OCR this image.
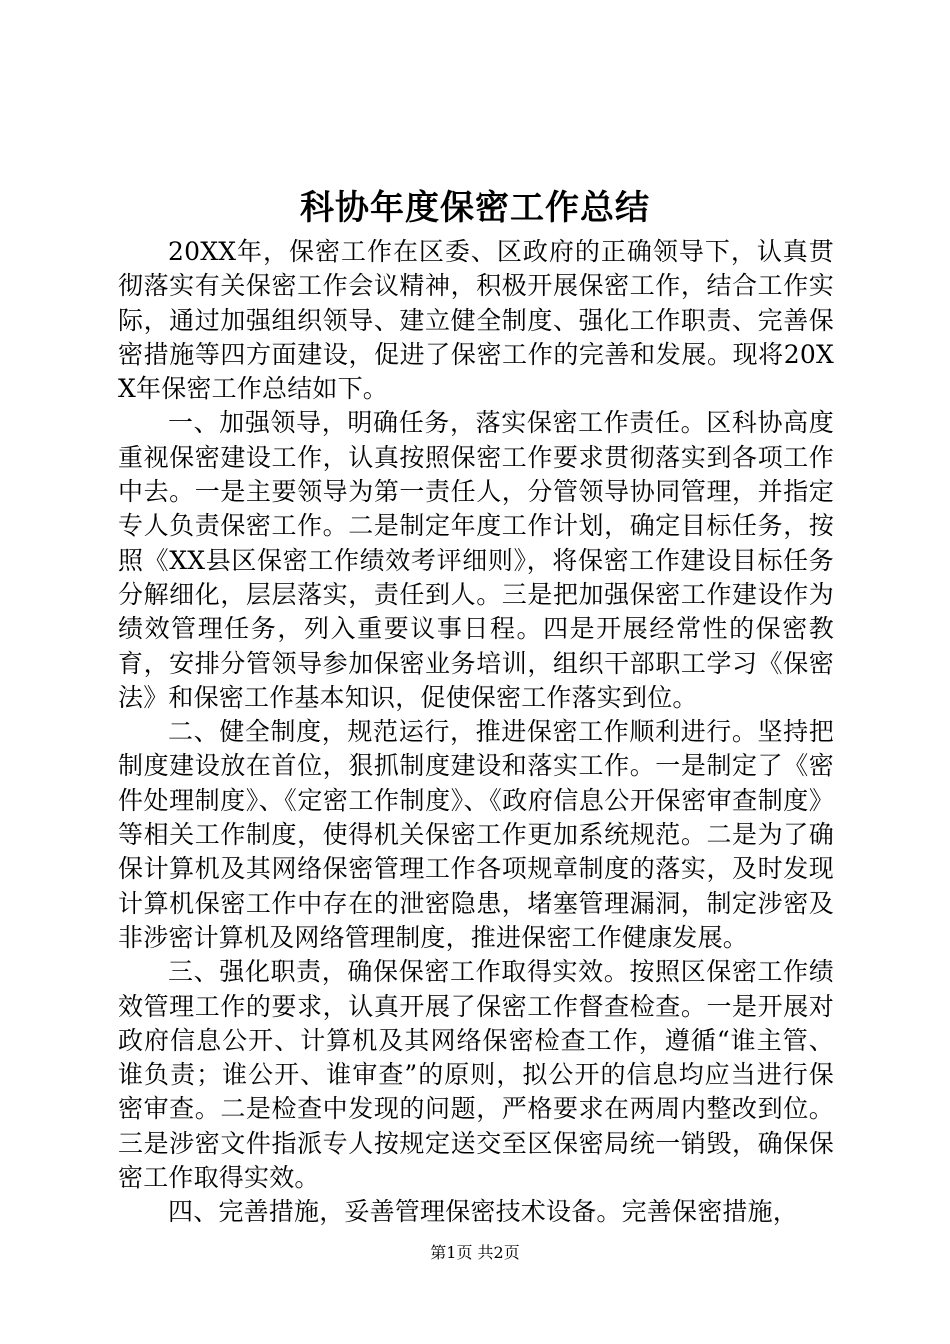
科协年度保密工作总结

20XX年，保密工作在区委、区政府的正确领导下，认真贯彻落实有关保密工作会议精神，积极开展保密工作，结合工作实际，通过加强组织领导、建立健全制度、强化工作职责、完善保密措施等四方面建设，促进了保密工作的完善和发展。现将20XX年保密工作总结如下。

一、加强领导，明确任务，落实保密工作责任。区科协高度重视保密建设工作，认真按照保密工作要求贯彻落实到各项工作中去。一是主要领导为第一责任人，分管领导协同管理，并指定专人负责保密工作。二是制定年度工作计划，确定目标任务，按照《XX县区保密工作绩效考评细则》，将保密工作建设目标任务分解细化，层层落实，责任到人。三是把加强保密工作建设作为绩效管理任务，列入重要议事日程。四是开展经常性的保密教育，安排分管领导参加保密业务培训，组织干部职工学习《保密法》和保密工作基本知识，促使保密工作落实到位。

二、健全制度，规范运行，推进保密工作顺利进行。坚持把制度建设放在首位，狠抓制度建设和落实工作。一是制定了《密件处理制度》、《定密工作制度》、《政府信息公开保密审查制度》等相关工作制度，使得机关保密工作更加系统规范。二是为了确保计算机及其网络保密管理工作各项规章制度的落实，及时发现计算机保密工作中存在的泄密隐患，堵塞管理漏洞，制定涉密及非涉密计算机及网络管理制度，推进保密工作健康发展。

三、强化职责，确保保密工作取得实效。按照区保密工作绩效管理工作的要求，认真开展了保密工作督查检查。一是开展对政府信息公开、计算机及其网络保密检查工作，遵循“谁主管、谁负责；谁公开、谁审查”的原则，拟公开的信息均应当进行保密审查。二是检查中发现的问题，严格要求在两周内整改到位。三是涉密文件指派专人按规定送交至区保密局统一销毁，确保保密工作取得实效。

四、完善措施，妥善管理保密技术设备。完善保密措施，

第1页 共2页
